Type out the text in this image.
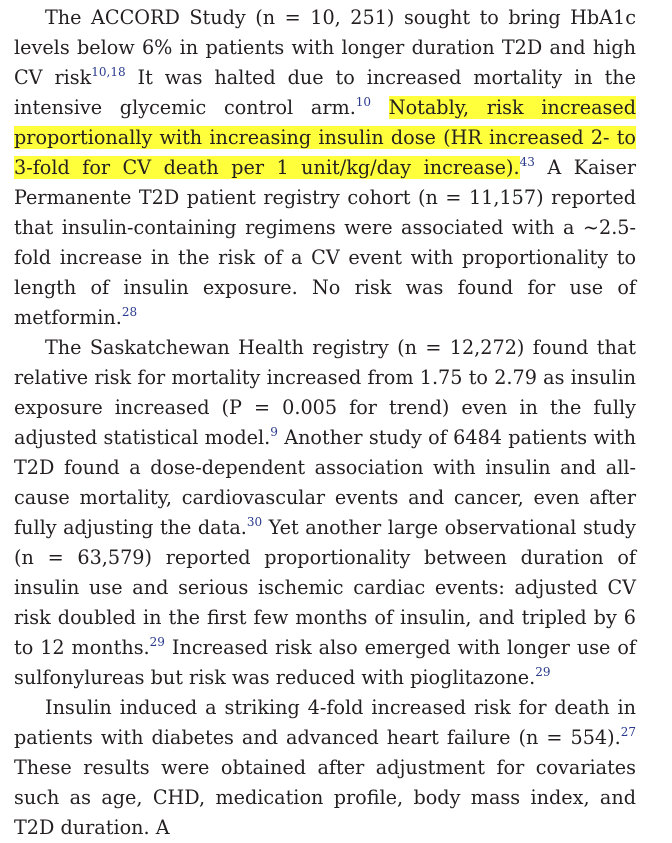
The ACCORD Study (n = 10, 251) sought to bring HbA1c levels below 6% in patients with longer duration T2D and high CV risk$^{10,18}$ It was halted due to increased mortality in the intensive glycemic control arm.$^{10}$ Notably, risk increased proportionally with increasing insulin dose (HR increased 2- to 3-fold for CV death per 1 unit/kg/day increase).$^{43}$ A Kaiser Permanente T2D patient registry cohort (n = 11,157) reported that insulin-containing regimens were associated with a ~2.5-fold increase in the risk of a CV event with proportionality to length of insulin exposure. No risk was found for use of metformin.$^{28}$

The Saskatchewan Health registry (n = 12,272) found that relative risk for mortality increased from 1.75 to 2.79 as insulin exposure increased (P = 0.005 for trend) even in the fully adjusted statistical model.$^9$ Another study of 6484 patients with T2D found a dose-dependent association with insulin and all-cause mortality, cardiovascular events and cancer, even after fully adjusting the data.$^{30}$ Yet another large observational study (n = 63,579) reported proportionality between duration of insulin use and serious ischemic cardiac events: adjusted CV risk doubled in the first few months of insulin, and tripled by 6 to 12 months.$^{29}$ Increased risk also emerged with longer use of sulfonylureas but risk was reduced with pioglitazone.$^{29}$

Insulin induced a striking 4-fold increased risk for death in patients with diabetes and advanced heart failure (n = 554).$^{27}$ These results were obtained after adjustment for covariates such as age, CHD, medication profile, body mass index, and T2D duration. A
